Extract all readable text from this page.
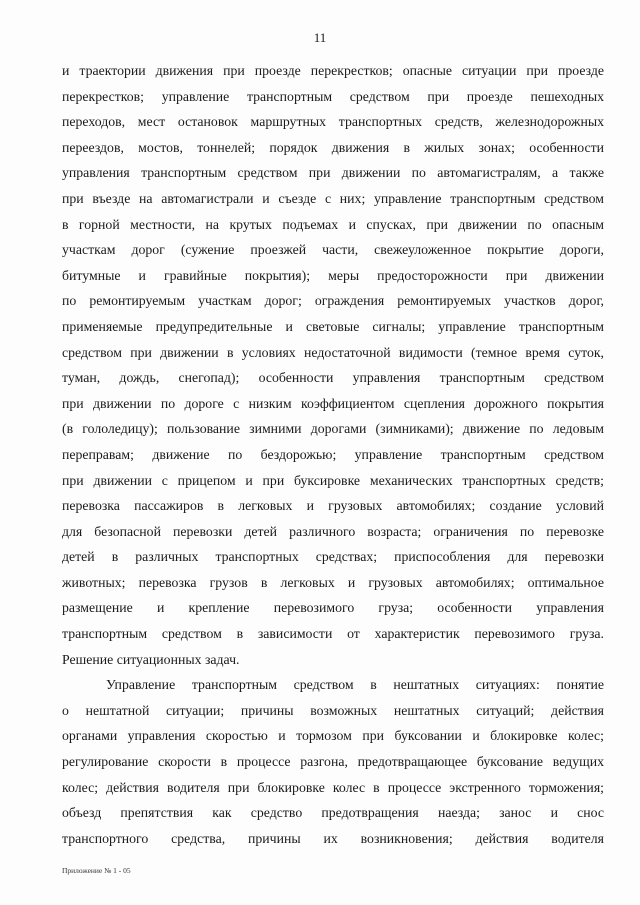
11
и траектории движения при проезде перекрестков; опасные ситуации при проезде
перекрестков; управление транспортным средством при проезде пешеходных
переходов, мест остановок маршрутных транспортных средств, железнодорожных
переездов, мостов, тоннелей; порядок движения в жилых зонах; особенности
управления транспортным средством при движении по автомагистралям, а также
при въезде на автомагистрали и съезде с них; управление транспортным средством
в горной местности, на крутых подъемах и спусках, при движении по опасным
участкам дорог (сужение проезжей части, свежеуложенное покрытие дороги,
битумные и гравийные покрытия); меры предосторожности при движении
по ремонтируемым участкам дорог; ограждения ремонтируемых участков дорог,
применяемые предупредительные и световые сигналы; управление транспортным
средством при движении в условиях недостаточной видимости (темное время суток,
туман, дождь, снегопад); особенности управления транспортным средством
при движении по дороге с низким коэффициентом сцепления дорожного покрытия
(в гололедицу); пользование зимними дорогами (зимниками); движение по ледовым
переправам; движение по бездорожью; управление транспортным средством
при движении с прицепом и при буксировке механических транспортных средств;
перевозка пассажиров в легковых и грузовых автомобилях; создание условий
для безопасной перевозки детей различного возраста; ограничения по перевозке
детей в различных транспортных средствах; приспособления для перевозки
животных; перевозка грузов в легковых и грузовых автомобилях; оптимальное
размещение и крепление перевозимого груза; особенности управления
транспортным средством в зависимости от характеристик перевозимого груза.
Решение ситуационных задач.
Управление транспортным средством в нештатных ситуациях: понятие
о нештатной ситуации; причины возможных нештатных ситуаций; действия
органами управления скоростью и тормозом при буксовании и блокировке колес;
регулирование скорости в процессе разгона, предотвращающее буксование ведущих
колес; действия водителя при блокировке колес в процессе экстренного торможения;
объезд препятствия как средство предотвращения наезда; занос и снос
транспортного средства, причины их возникновения; действия водителя
Приложение № 1 - 05
